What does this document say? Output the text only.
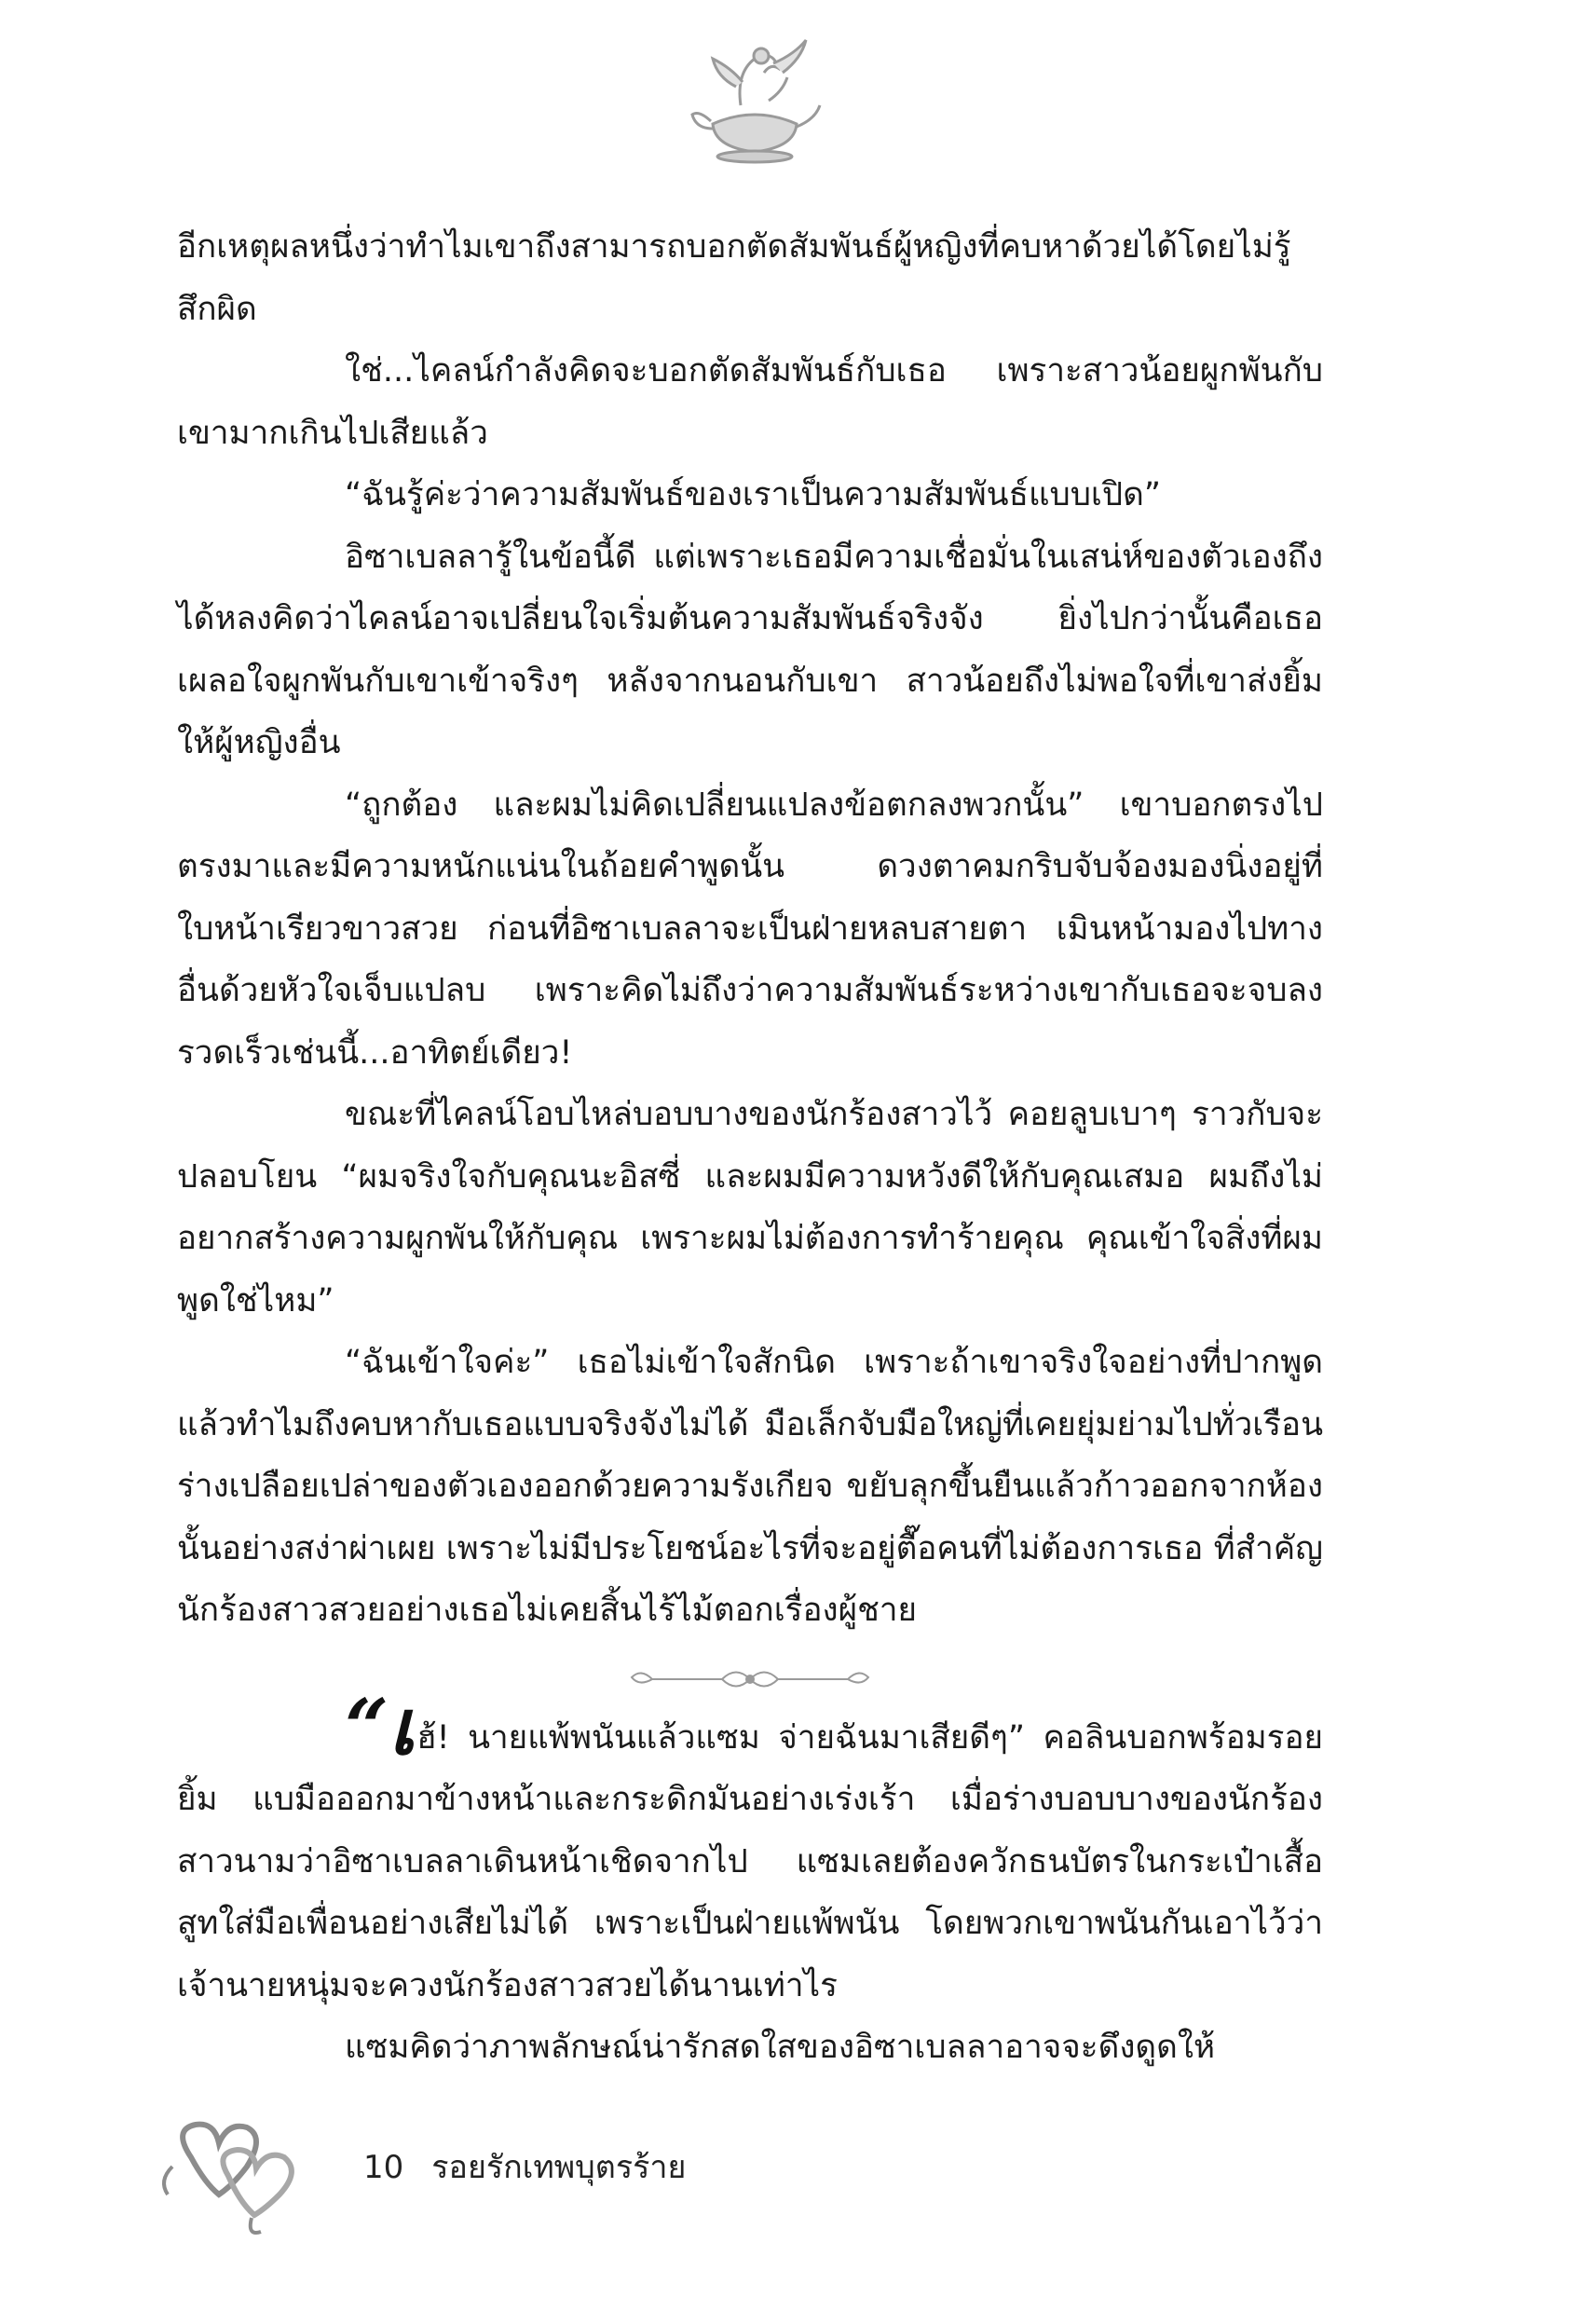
อีกเหตุผลหนึ่งว่าทำไมเขาถึงสามารถบอกตัดสัมพันธ์ผู้หญิงที่คบหาด้วยได้โดยไม่รู้สึกผิด

ใช่...ไคลน์กำลังคิดจะบอกตัดสัมพันธ์กับเธอ เพราะสาวน้อยผูกพันกับเขามากเกินไปเสียแล้ว

“ฉันรู้ค่ะว่าความสัมพันธ์ของเราเป็นความสัมพันธ์แบบเปิด”

อิซาเบลลารู้ในข้อนี้ดี แต่เพราะเธอมีความเชื่อมั่นในเสน่ห์ของตัวเองถึงได้หลงคิดว่าไคลน์อาจเปลี่ยนใจเริ่มต้นความสัมพันธ์จริงจัง ยิ่งไปกว่านั้นคือเธอเผลอใจผูกพันกับเขาเข้าจริงๆ หลังจากนอนกับเขา สาวน้อยถึงไม่พอใจที่เขาส่งยิ้มให้ผู้หญิงอื่น

“ถูกต้อง และผมไม่คิดเปลี่ยนแปลงข้อตกลงพวกนั้น” เขาบอกตรงไปตรงมาและมีความหนักแน่นในถ้อยคำพูดนั้น ดวงตาคมกริบจับจ้องมองนิ่งอยู่ที่ใบหน้าเรียวขาวสวย ก่อนที่อิซาเบลลาจะเป็นฝ่ายหลบสายตา เมินหน้ามองไปทางอื่นด้วยหัวใจเจ็บแปลบ เพราะคิดไม่ถึงว่าความสัมพันธ์ระหว่างเขากับเธอจะจบลงรวดเร็วเช่นนี้...อาทิตย์เดียว!

ขณะที่ไคลน์โอบไหล่บอบบางของนักร้องสาวไว้ คอยลูบเบาๆ ราวกับจะปลอบโยน “ผมจริงใจกับคุณนะอิสซี่ และผมมีความหวังดีให้กับคุณเสมอ ผมถึงไม่อยากสร้างความผูกพันให้กับคุณ เพราะผมไม่ต้องการทำร้ายคุณ คุณเข้าใจสิ่งที่ผมพูดใช่ไหม”

“ฉันเข้าใจค่ะ” เธอไม่เข้าใจสักนิด เพราะถ้าเขาจริงใจอย่างที่ปากพูดแล้วทำไมถึงคบหากับเธอแบบจริงจังไม่ได้ มือเล็กจับมือใหญ่ที่เคยยุ่มย่ามไปทั่วเรือนร่างเปลือยเปล่าของตัวเองออกด้วยความรังเกียจ ขยับลุกขึ้นยืนแล้วก้าวออกจากห้องนั้นอย่างสง่าผ่าเผย เพราะไม่มีประโยชน์อะไรที่จะอยู่ตื๊อคนที่ไม่ต้องการเธอ ที่สำคัญ นักร้องสาวสวยอย่างเธอไม่เคยสิ้นไร้ไม้ตอกเรื่องผู้ชาย

“เฮ้! นายแพ้พนันแล้วแซม จ่ายฉันมาเสียดีๆ” คอลินบอกพร้อมรอยยิ้ม แบมือออกมาข้างหน้าและกระดิกมันอย่างเร่งเร้า เมื่อร่างบอบบางของนักร้องสาวนามว่าอิซาเบลลาเดินหน้าเชิดจากไป แซมเลยต้องควักธนบัตรในกระเป๋าเสื้อสูทใส่มือเพื่อนอย่างเสียไม่ได้ เพราะเป็นฝ่ายแพ้พนัน โดยพวกเขาพนันกันเอาไว้ว่าเจ้านายหนุ่มจะควงนักร้องสาวสวยได้นานเท่าไร

แซมคิดว่าภาพลักษณ์น่ารักสดใสของอิซาเบลลาอาจจะดึงดูดให้

10 รอยรักเทพบุตรร้าย
